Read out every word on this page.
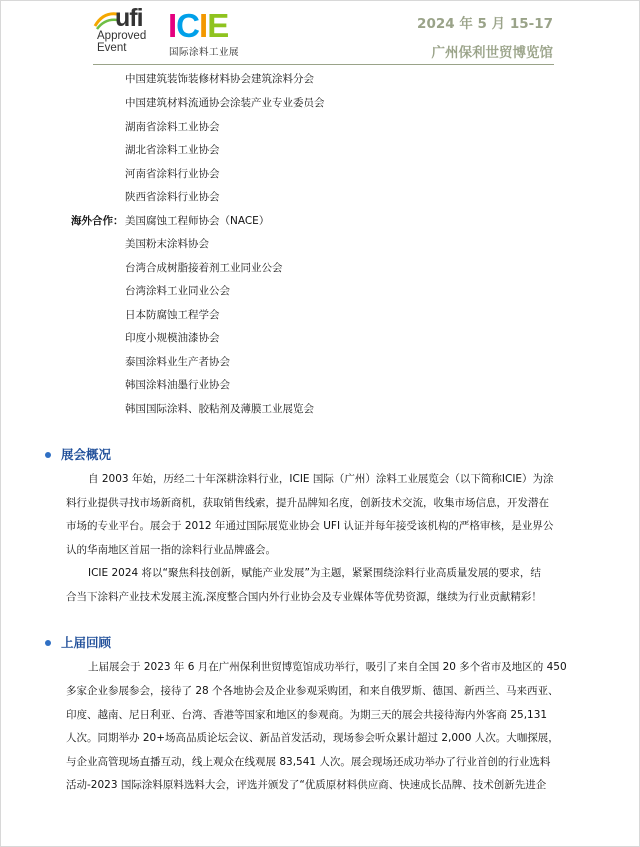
ufi
Approved
Event
ICIE
国际涂料工业展
2024 年 5 月 15-17
广州保利世贸博览馆
中国建筑装饰装修材料协会建筑涂料分会
中国建筑材料流通协会涂装产业专业委员会
湖南省涂料工业协会
湖北省涂料工业协会
河南省涂料行业协会
陕西省涂料行业协会
海外合作： 美国腐蚀工程师协会（NACE）
美国粉末涂料协会
台湾合成树脂接着剂工业同业公会
台湾涂料工业同业公会
日本防腐蚀工程学会
印度小规模油漆协会
泰国涂料业生产者协会
韩国涂料油墨行业协会
韩国国际涂料、胶粘剂及薄膜工业展览会
展会概况
自 2003 年始，历经二十年深耕涂料行业，ICIE 国际（广州）涂料工业展览会（以下简称ICIE）为涂
料行业提供寻找市场新商机，获取销售线索，提升品牌知名度，创新技术交流，收集市场信息，开发潜在
市场的专业平台。展会于 2012 年通过国际展览业协会 UFI 认证并每年接受该机构的严格审核，是业界公
认的华南地区首屈一指的涂料行业品牌盛会。
ICIE 2024 将以“聚焦科技创新，赋能产业发展”为主题，紧紧围绕涂料行业高质量发展的要求，结
合当下涂料产业技术发展主流,深度整合国内外行业协会及专业媒体等优势资源，继续为行业贡献精彩！
上届回顾
上届展会于 2023 年 6 月在广州保利世贸博览馆成功举行，吸引了来自全国 20 多个省市及地区的 450
多家企业参展参会，接待了 28 个各地协会及企业参观采购团，和来自俄罗斯、德国、新西兰、马来西亚、
印度、越南、尼日利亚、台湾、香港等国家和地区的参观商。为期三天的展会共接待海内外客商 25,131
人次。同期举办 20+场高品质论坛会议、新品首发活动，现场参会听众累计超过 2,000 人次。大咖探展，
与企业高管现场直播互动，线上观众在线观展 83,541 人次。展会现场还成功举办了行业首创的行业选料
活动-2023 国际涂料原料选料大会，评选并颁发了“优质原材料供应商、快速成长品牌、技术创新先进企
